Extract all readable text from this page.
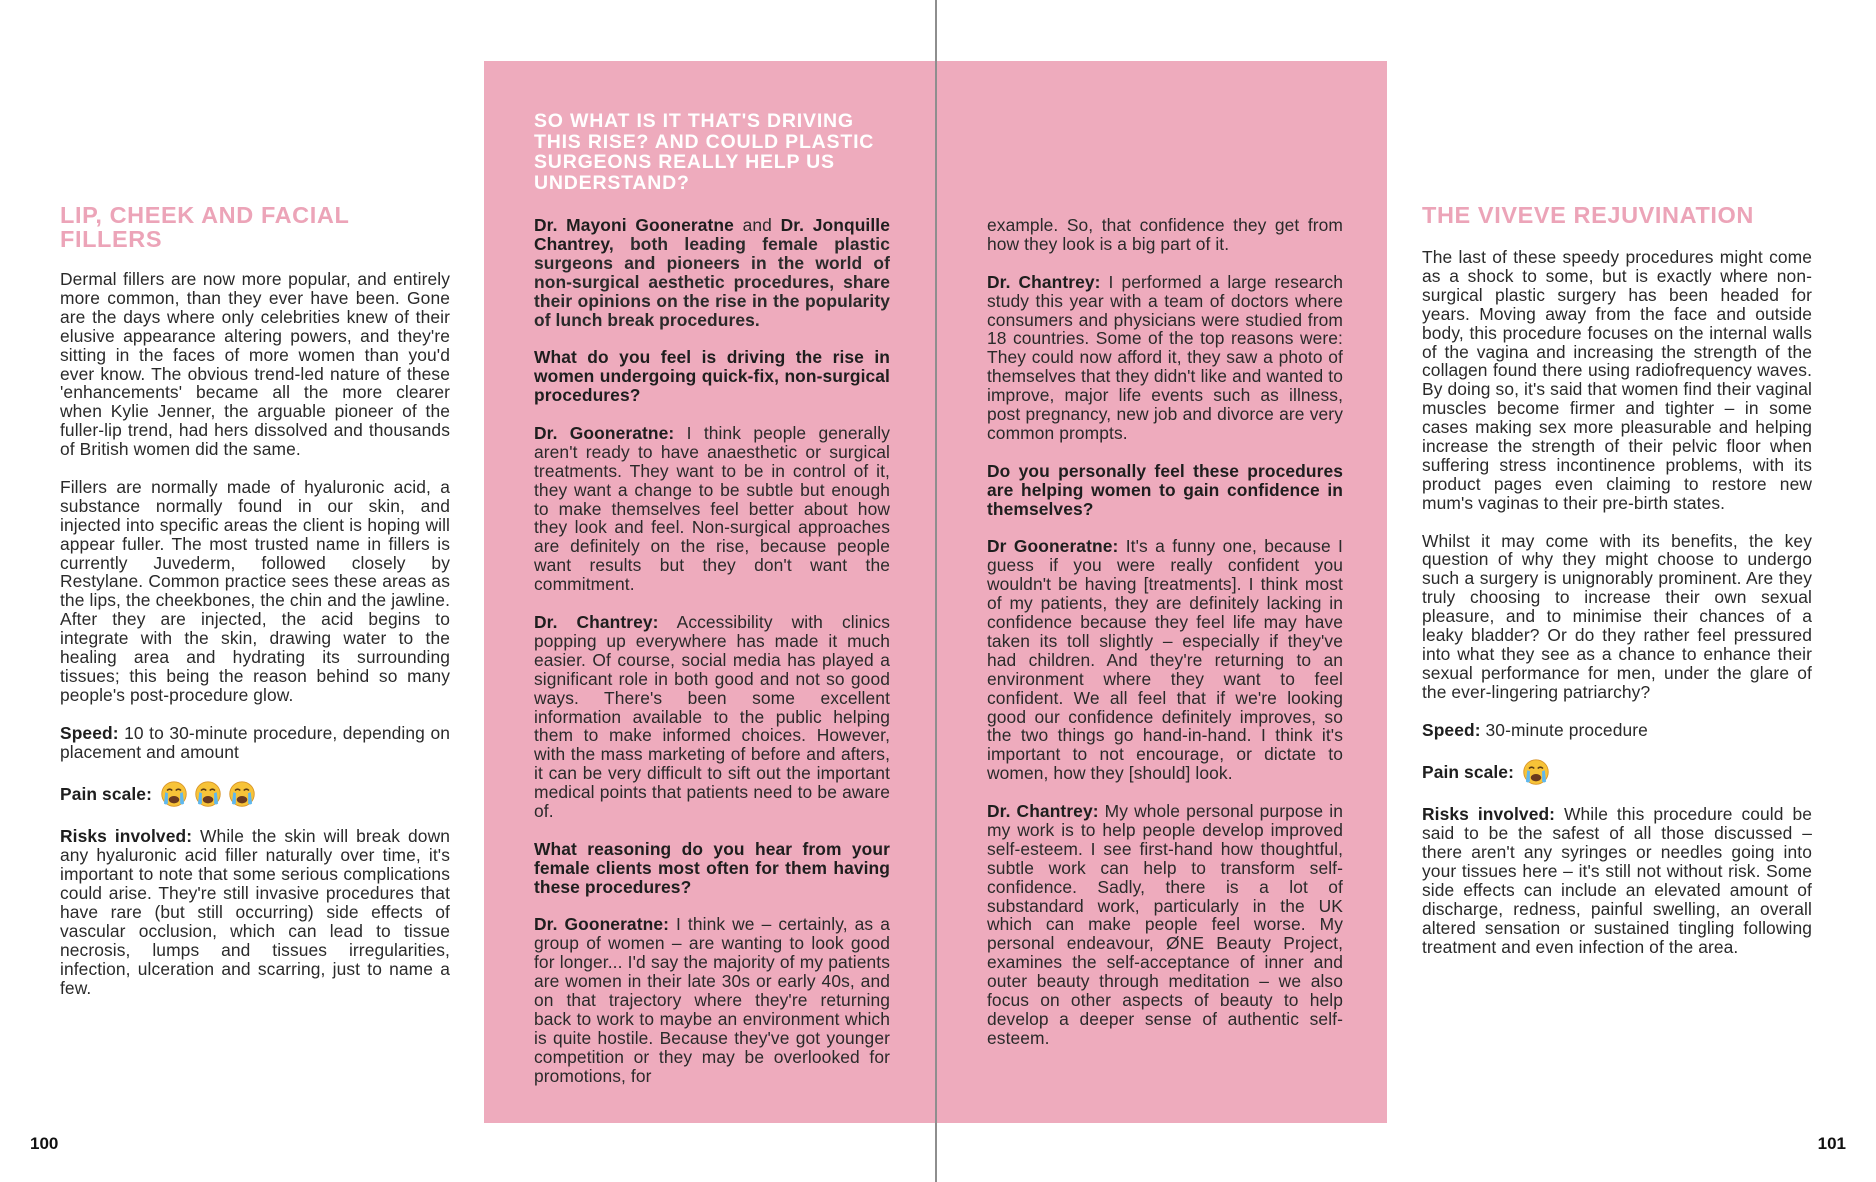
LIP, CHEEK AND FACIAL FILLERS

Dermal fillers are now more popular, and entirely more common, than they ever have been. Gone are the days where only celebrities knew of their elusive appearance altering powers, and they're sitting in the faces of more women than you'd ever know. The obvious trend-led nature of these 'enhancements' became all the more clearer when Kylie Jenner, the arguable pioneer of the fuller-lip trend, had hers dissolved and thousands of British women did the same.

Fillers are normally made of hyaluronic acid, a substance normally found in our skin, and injected into specific areas the client is hoping will appear fuller. The most trusted name in fillers is currently Juvederm, followed closely by Restylane. Common practice sees these areas as the lips, the cheekbones, the chin and the jawline. After they are injected, the acid begins to integrate with the skin, drawing water to the healing area and hydrating its surrounding tissues; this being the reason behind so many people's post-procedure glow.

Speed: 10 to 30-minute procedure, depending on placement and amount

Pain scale:

Risks involved: While the skin will break down any hyaluronic acid filler naturally over time, it's important to note that some serious complications could arise. They're still invasive procedures that have rare (but still occurring) side effects of vascular occlusion, which can lead to tissue necrosis, lumps and tissues irregularities, infection, ulceration and scarring, just to name a few.

SO WHAT IS IT THAT'S DRIVING THIS RISE? AND COULD PLASTIC SURGEONS REALLY HELP US UNDERSTAND?

Dr. Mayoni Gooneratne and Dr. Jonquille Chantrey, both leading female plastic surgeons and pioneers in the world of non-surgical aesthetic procedures, share their opinions on the rise in the popularity of lunch break procedures.

What do you feel is driving the rise in women undergoing quick-fix, non-surgical procedures?

Dr. Gooneratne: I think people generally aren't ready to have anaesthetic or surgical treatments. They want to be in control of it, they want a change to be subtle but enough to make themselves feel better about how they look and feel. Non-surgical approaches are definitely on the rise, because people want results but they don't want the commitment.

Dr. Chantrey: Accessibility with clinics popping up everywhere has made it much easier. Of course, social media has played a significant role in both good and not so good ways. There's been some excellent information available to the public helping them to make informed choices. However, with the mass marketing of before and afters, it can be very difficult to sift out the important medical points that patients need to be aware of.

What reasoning do you hear from your female clients most often for them having these procedures?

Dr. Gooneratne: I think we – certainly, as a group of women – are wanting to look good for longer... I'd say the majority of my patients are women in their late 30s or early 40s, and on that trajectory where they're returning back to work to maybe an environment which is quite hostile. Because they've got younger competition or they may be overlooked for promotions, for

example. So, that confidence they get from how they look is a big part of it.

Dr. Chantrey: I performed a large research study this year with a team of doctors where consumers and physicians were studied from 18 countries. Some of the top reasons were: They could now afford it, they saw a photo of themselves that they didn't like and wanted to improve, major life events such as illness, post pregnancy, new job and divorce are very common prompts.

Do you personally feel these procedures are helping women to gain confidence in themselves?

Dr Gooneratne: It's a funny one, because I guess if you were really confident you wouldn't be having [treatments]. I think most of my patients, they are definitely lacking in confidence because they feel life may have taken its toll slightly – especially if they've had children. And they're returning to an environment where they want to feel confident. We all feel that if we're looking good our confidence definitely improves, so the two things go hand-in-hand. I think it's important to not encourage, or dictate to women, how they [should] look.

Dr. Chantrey: My whole personal purpose in my work is to help people develop improved self-esteem. I see first-hand how thoughtful, subtle work can help to transform self-confidence. Sadly, there is a lot of substandard work, particularly in the UK which can make people feel worse. My personal endeavour, ØNE Beauty Project, examines the self-acceptance of inner and outer beauty through meditation – we also focus on other aspects of beauty to help develop a deeper sense of authentic self-esteem.

THE VIVEVE REJUVINATION

The last of these speedy procedures might come as a shock to some, but is exactly where non-surgical plastic surgery has been headed for years. Moving away from the face and outside body, this procedure focuses on the internal walls of the vagina and increasing the strength of the collagen found there using radiofrequency waves. By doing so, it's said that women find their vaginal muscles become firmer and tighter – in some cases making sex more pleasurable and helping increase the strength of their pelvic floor when suffering stress incontinence problems, with its product pages even claiming to restore new mum's vaginas to their pre-birth states.

Whilst it may come with its benefits, the key question of why they might choose to undergo such a surgery is unignorably prominent. Are they truly choosing to increase their own sexual pleasure, and to minimise their chances of a leaky bladder? Or do they rather feel pressured into what they see as a chance to enhance their sexual performance for men, under the glare of the ever-lingering patriarchy?

Speed: 30-minute procedure

Pain scale:

Risks involved: While this procedure could be said to be the safest of all those discussed – there aren't any syringes or needles going into your tissues here – it's still not without risk. Some side effects can include an elevated amount of discharge, redness, painful swelling, an overall altered sensation or sustained tingling following treatment and even infection of the area.

100	101
